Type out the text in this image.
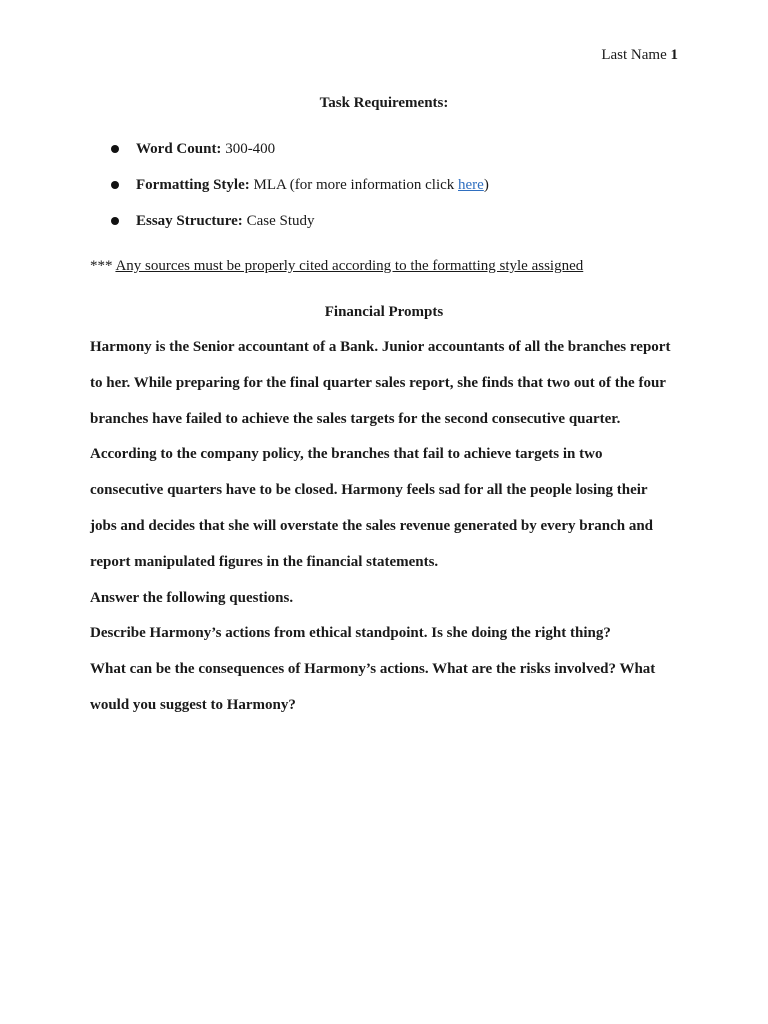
Last Name 1
Task Requirements:
Word Count: 300-400
Formatting Style: MLA (for more information click here)
Essay Structure: Case Study
*** Any sources must be properly cited according to the formatting style assigned
Financial Prompts
Harmony is the Senior accountant of a Bank. Junior accountants of all the branches report
to her. While preparing for the final quarter sales report, she finds that two out of the four
branches have failed to achieve the sales targets for the second consecutive quarter.
According to the company policy, the branches that fail to achieve targets in two
consecutive quarters have to be closed. Harmony feels sad for all the people losing their
jobs and decides that she will overstate the sales revenue generated by every branch and
report manipulated figures in the financial statements.
Answer the following questions.
Describe Harmony’s actions from ethical standpoint. Is she doing the right thing?
What can be the consequences of Harmony’s actions. What are the risks involved? What
would you suggest to Harmony?
